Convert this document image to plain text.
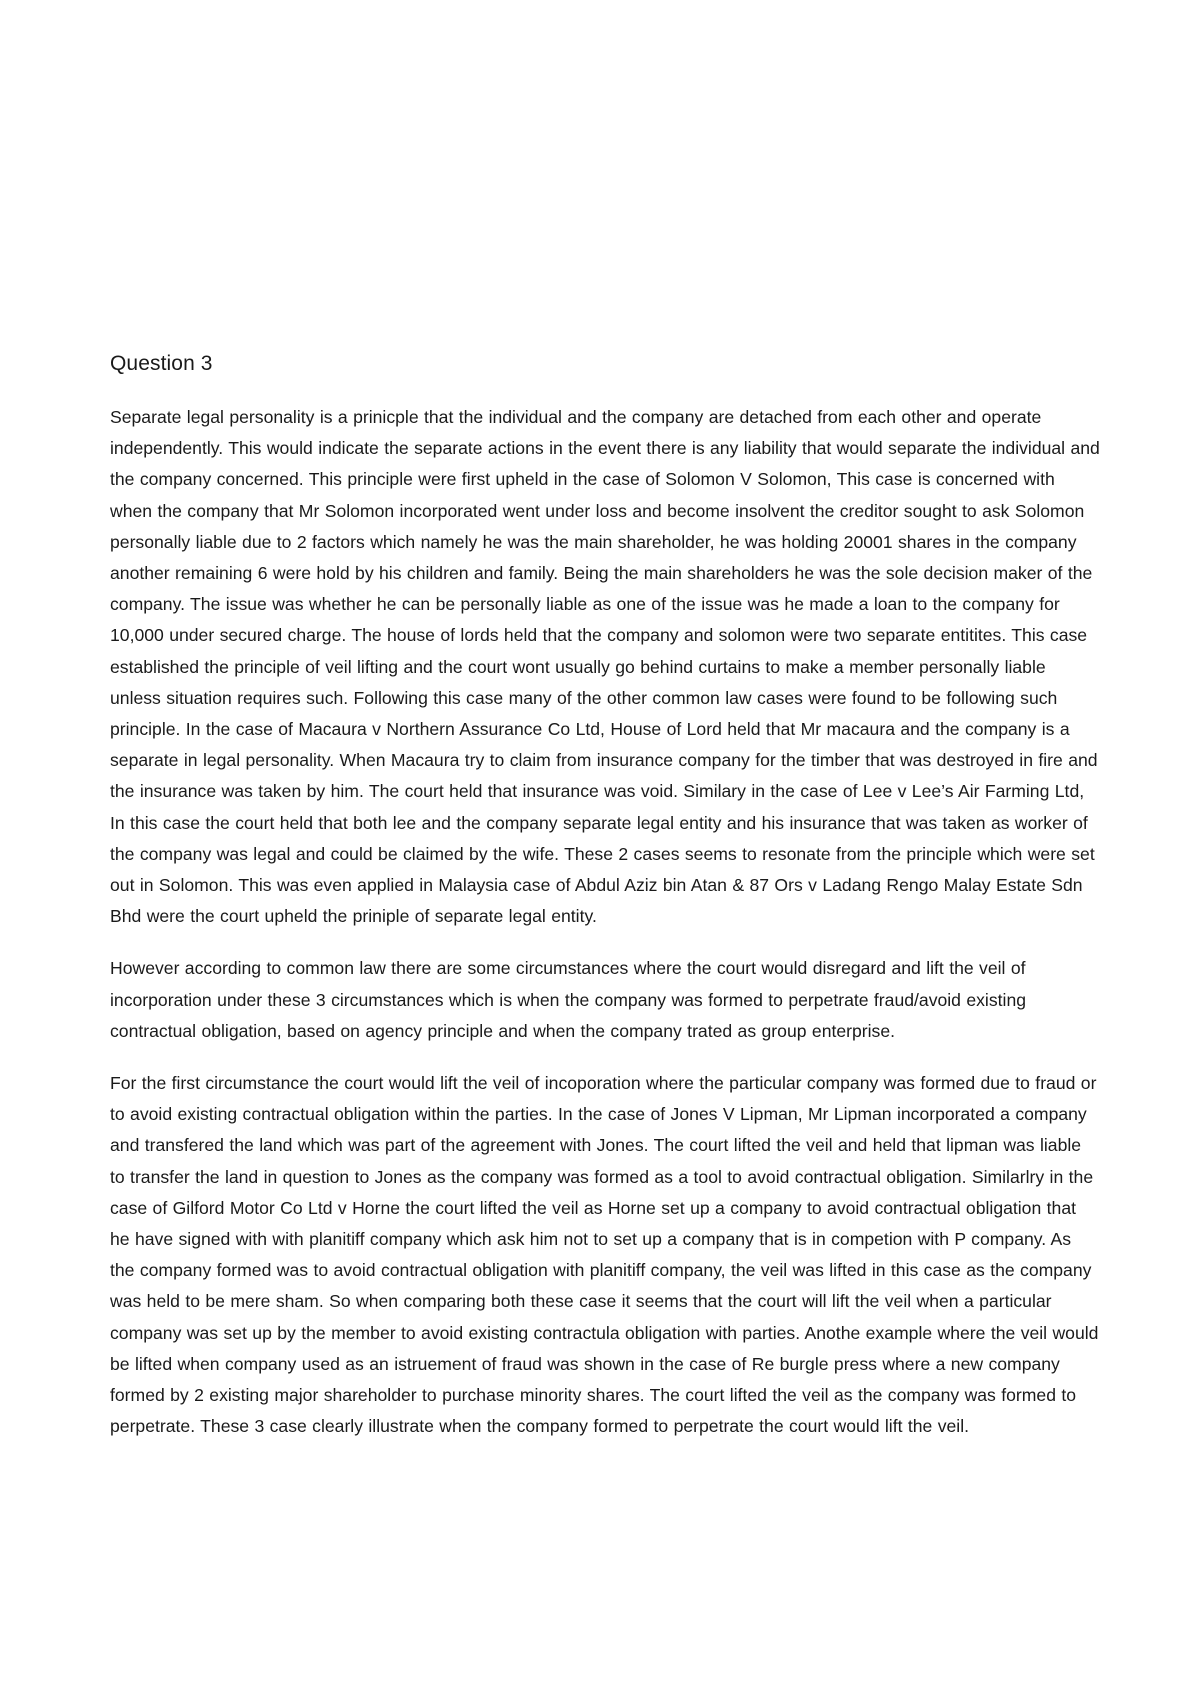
Question 3

Separate legal personality is a prinicple that the individual and the company are detached from each other and operate independently. This would indicate the separate actions in the event there is any liability that would separate the individual and the company concerned. This principle were first upheld in the case of Solomon V Solomon, This case is concerned with when the company that Mr Solomon incorporated went under loss and become insolvent the creditor sought to ask Solomon personally liable due to 2 factors which namely he was the main shareholder, he was holding 20001 shares in the company another remaining 6 were hold by his children and family. Being the main shareholders he was the sole decision maker of the company. The issue was whether he can be personally liable as one of the issue was he made a loan to the company for 10,000 under secured charge. The house of lords held that the company and solomon were two separate entitites. This case established the principle of veil lifting and the court wont usually go behind curtains to make a member personally liable unless situation requires such. Following this case many of the other common law cases were found to be following such principle. In the case of Macaura v Northern Assurance Co Ltd, House of Lord held that Mr macaura and the company is a separate in legal personality. When Macaura try to claim from insurance company for the timber that was destroyed in fire and the insurance was taken by him. The court held that insurance was void. Similary in the case of Lee v Lee’s Air Farming Ltd, In this case the court held that both lee and the company separate legal entity and his insurance that was taken as worker of the company was legal and could be claimed by the wife. These 2 cases seems to resonate from the principle which were set out in Solomon. This was even applied in Malaysia case of Abdul Aziz bin Atan & 87 Ors v Ladang Rengo Malay Estate Sdn Bhd were the court upheld the priniple of separate legal entity.

However according to common law there are some circumstances where the court would disregard and lift the veil of incorporation under these 3 circumstances which is when the company was formed to perpetrate fraud/avoid existing contractual obligation, based on agency principle and when the company trated as group enterprise.

For the first circumstance the court would lift the veil of incoporation where the particular company was formed due to fraud or to avoid existing contractual obligation within the parties. In the case of Jones V Lipman, Mr Lipman incorporated a company and transfered the land which was part of the agreement with Jones. The court lifted the veil and held that lipman was liable to transfer the land in question to Jones as the company was formed as a tool to avoid contractual obligation. Similarlry in the case of Gilford Motor Co Ltd v Horne the court lifted the veil as Horne set up a company to avoid contractual obligation that he have signed with with planitiff company which ask him not to set up a company that is in competion with P company. As the company formed was to avoid contractual obligation with planitiff company, the veil was lifted in this case as the company was held to be mere sham. So when comparing both these case it seems that the court will lift the veil when a particular company was set up by the member to avoid existing contractula obligation with parties. Anothe example where the veil would be lifted when company used as an istruement of fraud was shown in the case of Re burgle press where a new company formed by 2 existing major shareholder to purchase minority shares. The court lifted the veil as the company was formed to perpetrate. These 3 case clearly illustrate when the company formed to perpetrate the court would lift the veil.
